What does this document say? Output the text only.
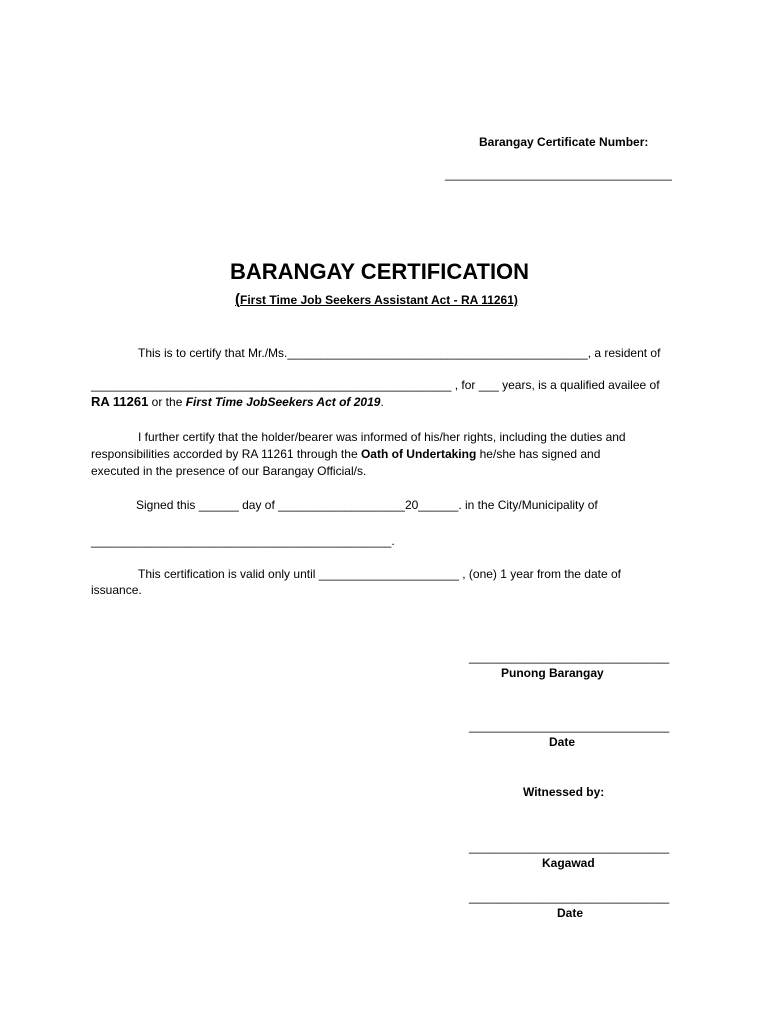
Barangay Certificate Number:
__________________________________
BARANGAY CERTIFICATION
(First Time Job Seekers Assistant Act - RA 11261)
This is to certify that Mr./Ms._____________________________________________, a resident of
______________________________________________________ , for ___ years, is a qualified availee of
RA 11261 or the First Time JobSeekers Act of 2019.
I further certify that the holder/bearer was informed of his/her rights, including the duties and
responsibilities accorded by RA 11261 through the Oath of Undertaking he/she has signed and
executed in the presence of our Barangay Official/s.
Signed this ______ day of ___________________20______. in the City/Municipality of
_____________________________________________.
This certification is valid only until _____________________ , (one) 1 year from the date of
issuance.
______________________________
Punong Barangay
______________________________
Date
Witnessed by:
______________________________
Kagawad
______________________________
Date
